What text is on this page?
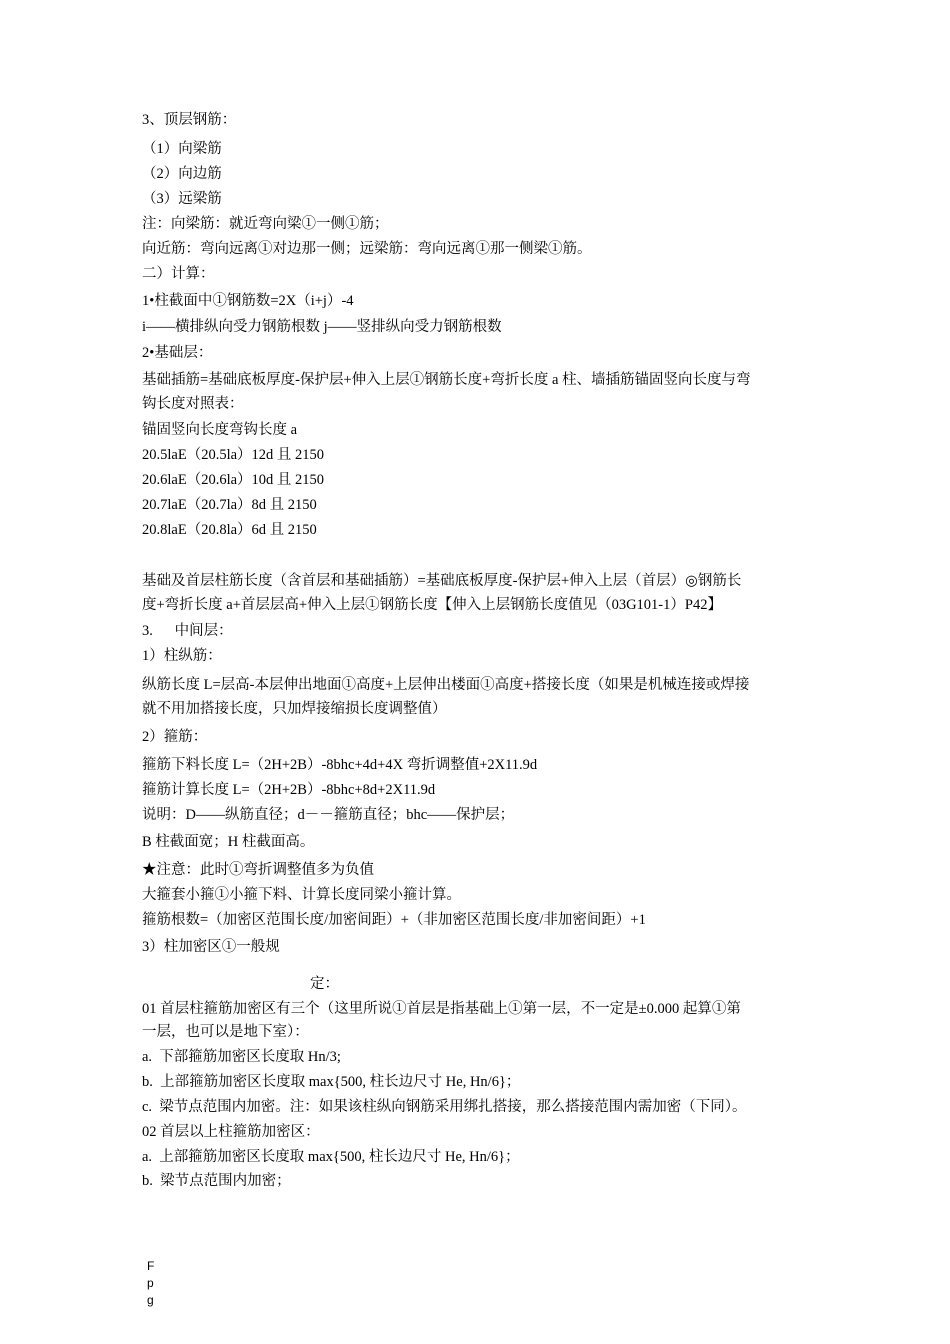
3、顶层钢筋：
（1）向梁筋
（2）向边筋
（3）远梁筋
注：向梁筋：就近弯向梁①一侧①筋；
向近筋：弯向远离①对边那一侧；远梁筋：弯向远离①那一侧梁①筋。
二）计算：
1•柱截面中①钢筋数=2X（i+j）-4
i——横排纵向受力钢筋根数 j——竖排纵向受力钢筋根数
2•基础层：
基础插筋=基础底板厚度-保护层+伸入上层①钢筋长度+弯折长度 a 柱、墙插筋锚固竖向长度与弯
钩长度对照表：
锚固竖向长度弯钩长度 a
20.5laE（20.5la）12d 且 2150
20.6laE（20.6la）10d 且 2150
20.7laE（20.7la）8d 且 2150
20.8laE（20.8la）6d 且 2150
基础及首层柱筋长度（含首层和基础插筋）=基础底板厚度-保护层+伸入上层（首层）◎钢筋长
度+弯折长度 a+首层层高+伸入上层①钢筋长度【伸入上层钢筋长度值见（03G101-1）P42】
3.      中间层：
1）柱纵筋：
纵筋长度 L=层高-本层伸出地面①高度+上层伸出楼面①高度+搭接长度（如果是机械连接或焊接
就不用加搭接长度，只加焊接缩损长度调整值）
2）箍筋：
箍筋下料长度 L=（2H+2B）-8bhc+4d+4X 弯折调整值+2X11.9d
箍筋计算长度 L=（2H+2B）-8bhc+8d+2X11.9d
说明：D——纵筋直径；d－－箍筋直径；bhc——保护层；
B 柱截面宽；H 柱截面高。
★注意：此时①弯折调整值多为负值
大箍套小箍①小箍下料、计算长度同梁小箍计算。
箍筋根数=（加密区范围长度/加密间距）+（非加密区范围长度/非加密间距）+1
3）柱加密区①一般规
定：
01 首层柱箍筋加密区有三个（这里所说①首层是指基础上①第一层，不一定是±0.000 起算①第
一层，也可以是地下室）：
a.  下部箍筋加密区长度取 Hn/3;
b.  上部箍筋加密区长度取 max{500, 柱长边尺寸 He, Hn/6}；
c.  梁节点范围内加密。注：如果该柱纵向钢筋采用绑扎搭接，那么搭接范围内需加密（下同）。
02 首层以上柱箍筋加密区：
a.  上部箍筋加密区长度取 max{500, 柱长边尺寸 He, Hn/6}；
b.  梁节点范围内加密；
F
p
g
